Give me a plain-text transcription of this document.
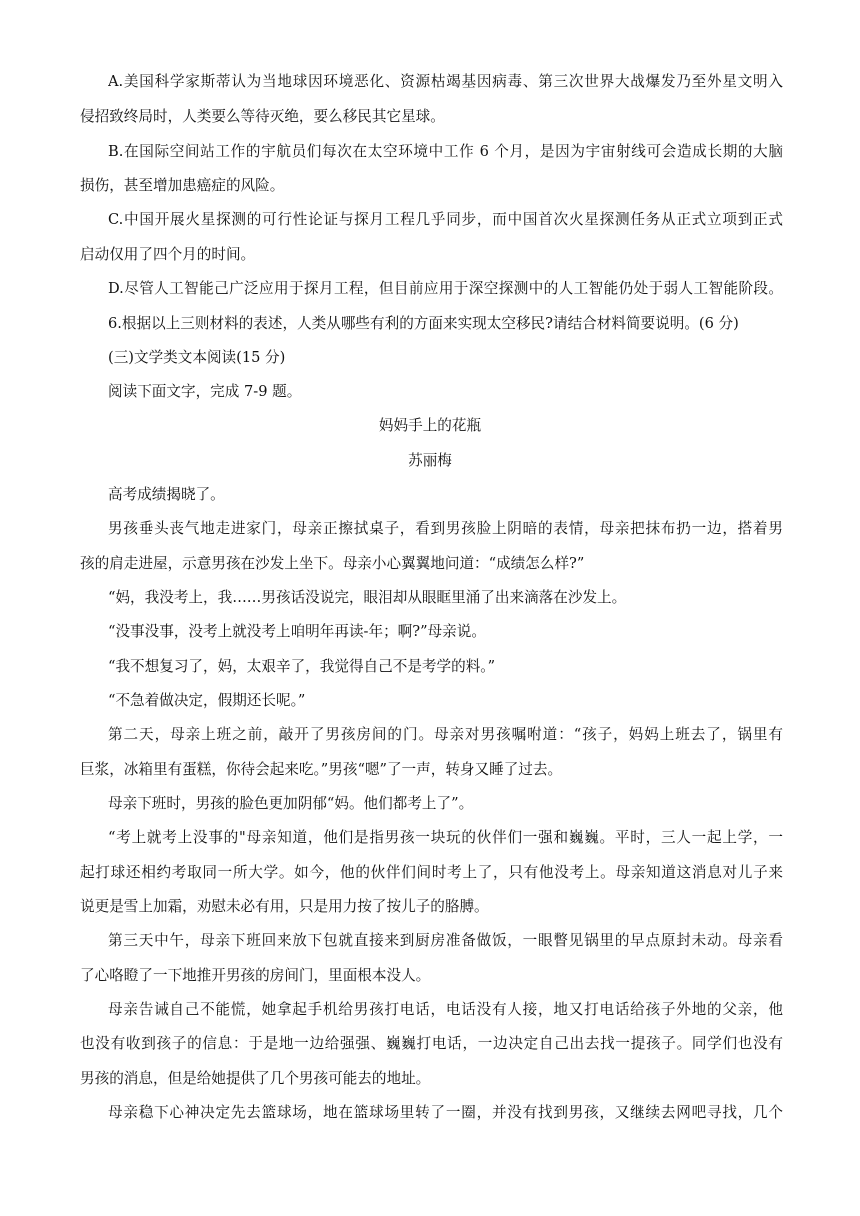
A.美国科学家斯蒂认为当地球因环境恶化、资源枯竭基因病毒、第三次世界大战爆发乃至外星文明入
侵招致终局时，人类要么等待灭绝，要么移民其它星球。
B.在国际空间站工作的宇航员们每次在太空环境中工作 6 个月，是因为宇宙射线可会造成长期的大脑
损伤，甚至增加患癌症的风险。
C.中国开展火星探测的可行性论证与探月工程几乎同步，而中国首次火星探测任务从正式立项到正式
启动仅用了四个月的时间。
D.尽管人工智能己广泛应用于探月工程，但目前应用于深空探测中的人工智能仍处于弱人工智能阶段。
6.根据以上三则材料的表述，人类从哪些有利的方面来实现太空移民?请结合材料简要说明。(6 分)
(三)文学类文本阅读(15 分)
阅读下面文字，完成 7-9 题。
妈妈手上的花瓶
苏丽梅
高考成绩揭晓了。
男孩垂头丧气地走进家门，母亲正擦拭桌子，看到男孩脸上阴暗的表情，母亲把抹布扔一边，搭着男
孩的肩走进屋，示意男孩在沙发上坐下。母亲小心翼翼地问道：“成绩怎么样?”
“妈，我没考上，我……男孩话没说完，眼泪却从眼眶里涌了出来滴落在沙发上。
“没事没事，没考上就没考上咱明年再读-年；啊?”母亲说。
“我不想复习了，妈，太艰辛了，我觉得自己不是考学的料。”
“不急着做决定，假期还长呢。”
第二天，母亲上班之前，敲开了男孩房间的门。母亲对男孩嘱咐道：“孩子，妈妈上班去了，锅里有
巨浆，冰箱里有蛋糕，你待会起来吃。”男孩“嗯”了一声，转身又睡了过去。
母亲下班时，男孩的脸色更加阴郁“妈。他们都考上了”。
“考上就考上没事的"母亲知道，他们是指男孩一块玩的伙伴们一强和巍巍。平时，三人一起上学，一
起打球还相约考取同一所大学。如今，他的伙伴们间时考上了，只有他没考上。母亲知道这消息对儿子来
说更是雪上加霜，劝慰未必有用，只是用力按了按儿子的胳膊。
第三天中午，母亲下班回来放下包就直接来到厨房准备做饭，一眼瞥见锅里的早点原封未动。母亲看
了心咯瞪了一下地推开男孩的房间门，里面根本没人。
母亲告诫自己不能慌，她拿起手机给男孩打电话，电话没有人接，地又打电话给孩子外地的父亲，他
也没有收到孩子的信息：于是地一边给强强、巍巍打电话，一边决定自己出去找一提孩子。同学们也没有
男孩的消息，但是给她提供了几个男孩可能去的地址。
母亲稳下心神决定先去篮球场，地在篮球场里转了一圈，并没有找到男孩，又继续去网吧寻找，几个
